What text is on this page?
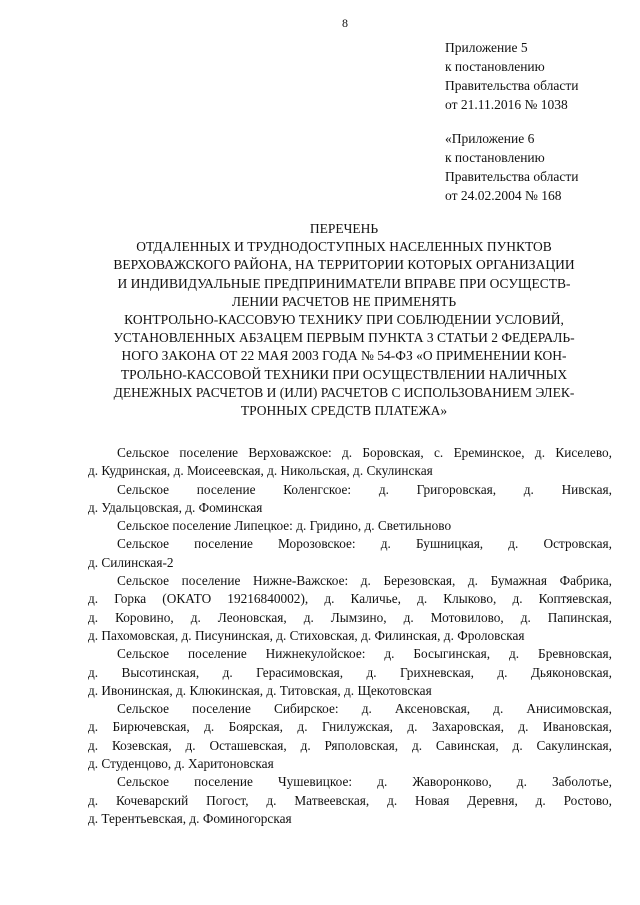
8
Приложение 5
к постановлению
Правительства области
от 21.11.2016 № 1038
«Приложение 6
к постановлению
Правительства области
от 24.02.2004 № 168
ПЕРЕЧЕНЬ
ОТДАЛЕННЫХ И ТРУДНОДОСТУПНЫХ НАСЕЛЕННЫХ ПУНКТОВ
ВЕРХОВАЖСКОГО РАЙОНА, НА ТЕРРИТОРИИ КОТОРЫХ ОРГАНИЗАЦИИ
И ИНДИВИДУАЛЬНЫЕ ПРЕДПРИНИМАТЕЛИ ВПРАВЕ ПРИ ОСУЩЕСТВ-
ЛЕНИИ РАСЧЕТОВ НЕ ПРИМЕНЯТЬ
КОНТРОЛЬНО-КАССОВУЮ ТЕХНИКУ ПРИ СОБЛЮДЕНИИ УСЛОВИЙ,
УСТАНОВЛЕННЫХ АБЗАЦЕМ ПЕРВЫМ ПУНКТА 3 СТАТЬИ 2 ФЕДЕРАЛЬ-
НОГО ЗАКОНА ОТ 22 МАЯ 2003 ГОДА № 54-ФЗ «О ПРИМЕНЕНИИ КОН-
ТРОЛЬНО-КАССОВОЙ ТЕХНИКИ ПРИ ОСУЩЕСТВЛЕНИИ НАЛИЧНЫХ
ДЕНЕЖНЫХ РАСЧЕТОВ И (ИЛИ) РАСЧЕТОВ С ИСПОЛЬЗОВАНИЕМ ЭЛЕК-
ТРОННЫХ СРЕДСТВ ПЛАТЕЖА»
Сельское поселение Верховажское: д. Боровская, с. Ереминское, д. Киселево,
д. Кудринская, д. Моисеевская, д. Никольская, д. Скулинская
Сельское поселение Коленгское: д. Григоровская, д. Нивская,
д. Удальцовская, д. Фоминская
Сельское поселение Липецкое: д. Гридино, д. Светильново
Сельское поселение Морозовское: д. Бушницкая, д. Островская,
д. Силинская-2
Сельское поселение Нижне-Важское: д. Березовская, д. Бумажная Фабрика,
д. Горка (ОКАТО 19216840002), д. Каличье, д. Клыково, д. Коптяевская,
д. Коровино, д. Леоновская, д. Лымзино, д. Мотовилово, д. Папинская,
д. Пахомовская, д. Писунинская, д. Стиховская, д. Филинская, д. Фроловская
Сельское поселение Нижнекулойское: д. Босыгинская, д. Бревновская,
д. Высотинская, д. Герасимовская, д. Грихневская, д. Дьяконовская,
д. Ивонинская, д. Клюкинская, д. Титовская, д. Щекотовская
Сельское поселение Сибирское: д. Аксеновская, д. Анисимовская,
д. Бирючевская, д. Боярская, д. Гнилужская, д. Захаровская, д. Ивановская,
д. Козевская, д. Осташевская, д. Ряполовская, д. Савинская, д. Сакулинская,
д. Студенцово, д. Харитоновская
Сельское поселение Чушевицкое: д. Жаворонково, д. Заболотье,
д. Кочеварский Погост, д. Матвеевская, д. Новая Деревня, д. Ростово,
д. Терентьевская, д. Фоминогорская
